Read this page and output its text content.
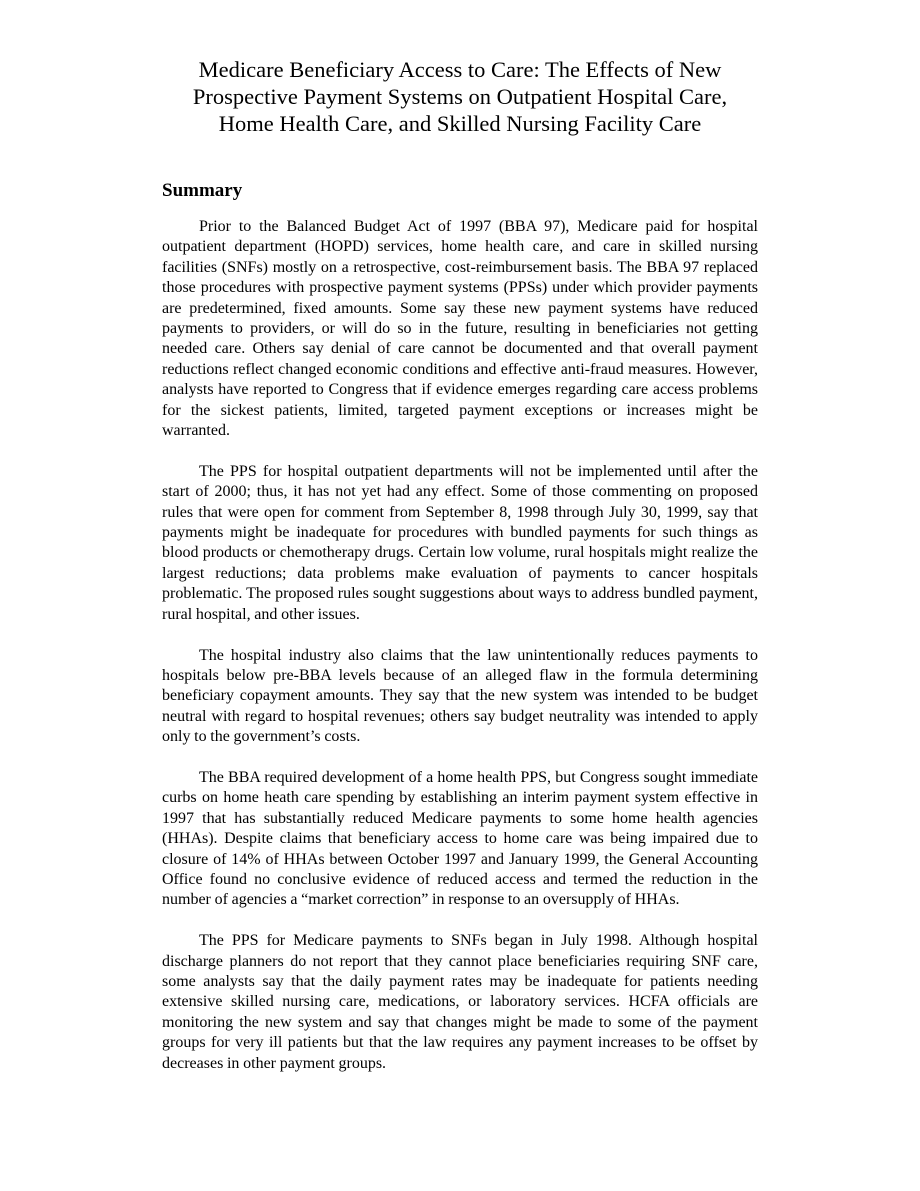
Medicare Beneficiary Access to Care: The Effects of New
Prospective Payment Systems on Outpatient Hospital Care,
Home Health Care, and Skilled Nursing Facility Care
Summary

Prior to the Balanced Budget Act of 1997 (BBA 97), Medicare paid for hospital outpatient department (HOPD) services, home health care, and care in skilled nursing facilities (SNFs) mostly on a retrospective, cost-reimbursement basis. The BBA 97 replaced those procedures with prospective payment systems (PPSs) under which provider payments are predetermined, fixed amounts. Some say these new payment systems have reduced payments to providers, or will do so in the future, resulting in beneficiaries not getting needed care. Others say denial of care cannot be documented and that overall payment reductions reflect changed economic conditions and effective anti-fraud measures. However, analysts have reported to Congress that if evidence emerges regarding care access problems for the sickest patients, limited, targeted payment exceptions or increases might be warranted.

The PPS for hospital outpatient departments will not be implemented until after the start of 2000; thus, it has not yet had any effect. Some of those commenting on proposed rules that were open for comment from September 8, 1998 through July 30, 1999, say that payments might be inadequate for procedures with bundled payments for such things as blood products or chemotherapy drugs. Certain low volume, rural hospitals might realize the largest reductions; data problems make evaluation of payments to cancer hospitals problematic. The proposed rules sought suggestions about ways to address bundled payment, rural hospital, and other issues.

The hospital industry also claims that the law unintentionally reduces payments to hospitals below pre-BBA levels because of an alleged flaw in the formula determining beneficiary copayment amounts. They say that the new system was intended to be budget neutral with regard to hospital revenues; others say budget neutrality was intended to apply only to the government’s costs.

The BBA required development of a home health PPS, but Congress sought immediate curbs on home heath care spending by establishing an interim payment system effective in 1997 that has substantially reduced Medicare payments to some home health agencies (HHAs). Despite claims that beneficiary access to home care was being impaired due to closure of 14% of HHAs between October 1997 and January 1999, the General Accounting Office found no conclusive evidence of reduced access and termed the reduction in the number of agencies a “market correction” in response to an oversupply of HHAs.

The PPS for Medicare payments to SNFs began in July 1998. Although hospital discharge planners do not report that they cannot place beneficiaries requiring SNF care, some analysts say that the daily payment rates may be inadequate for patients needing extensive skilled nursing care, medications, or laboratory services. HCFA officials are monitoring the new system and say that changes might be made to some of the payment groups for very ill patients but that the law requires any payment increases to be offset by decreases in other payment groups.
